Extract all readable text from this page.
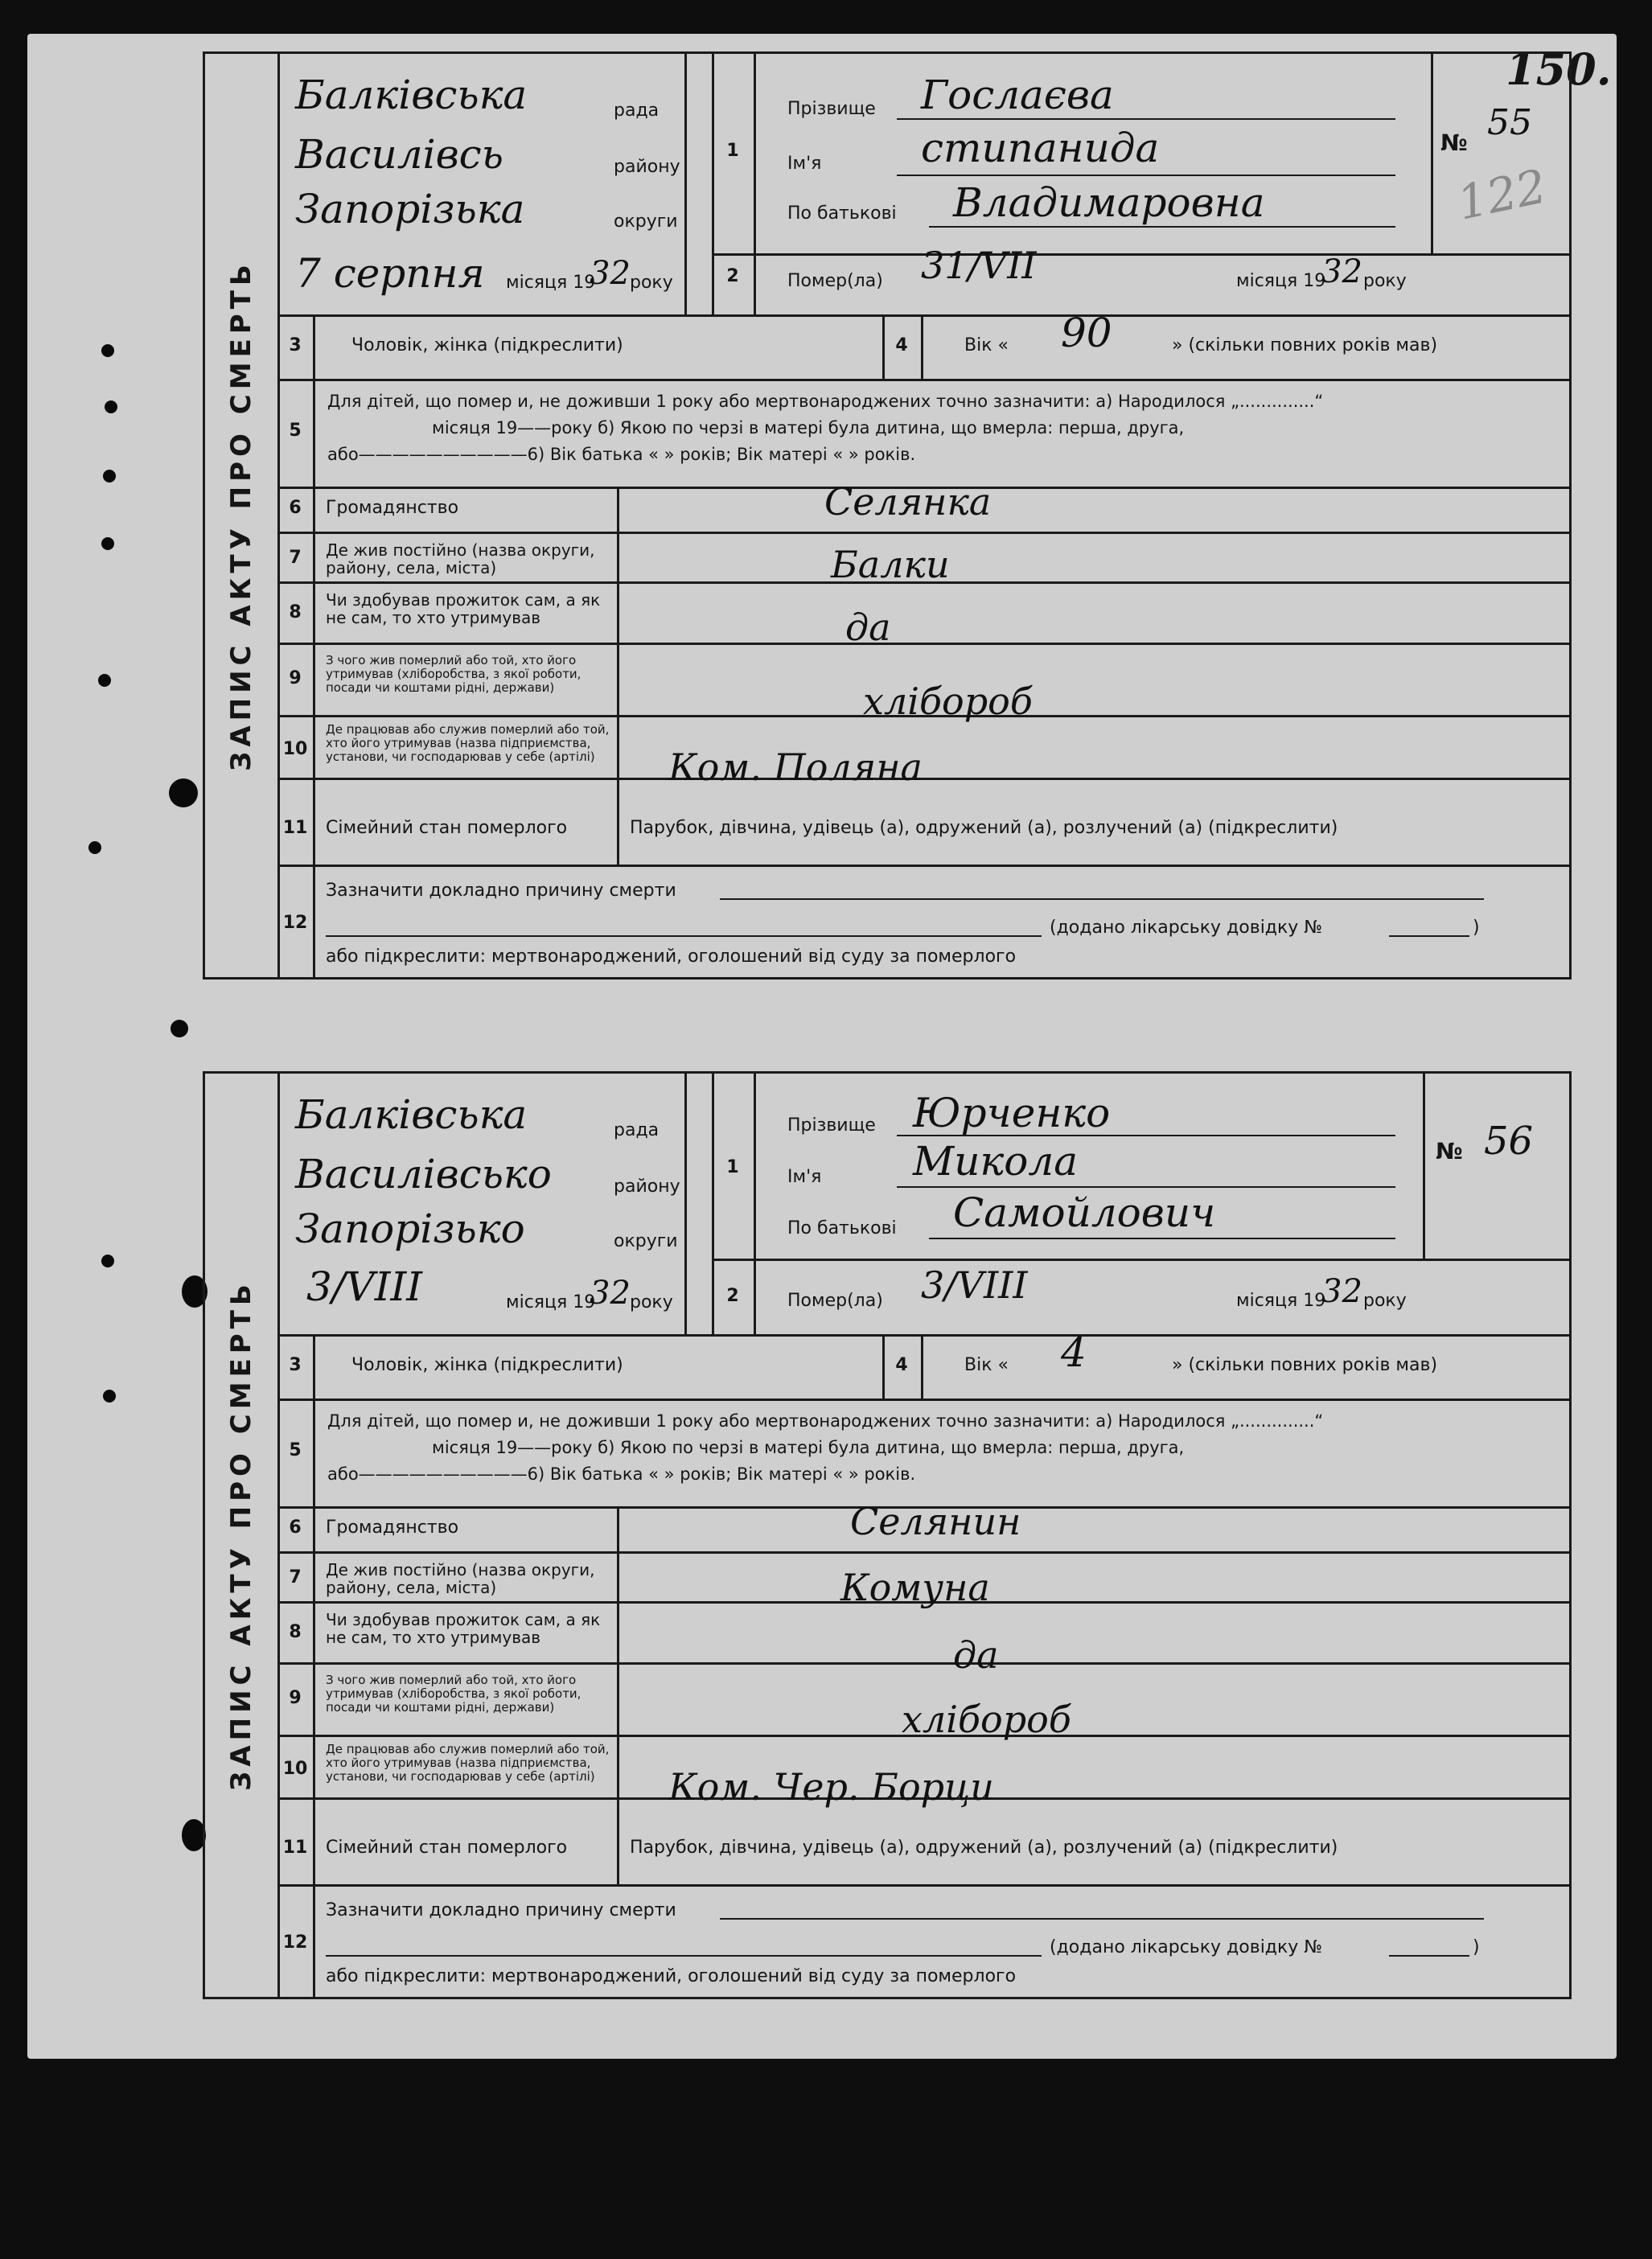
150.
122
ЗАПИС АКТУ ПРО СМЕРТЬ
Балківська	рада
Василівсь	району
Запорізька	округи
7 серпня місяця 19
32 року
1
2
Прізвище Гослаєва
Ім'я стипанида
По батькові Владимаровна
№ 55
Помер(ла) 31/VII	місяця 19
32 року
3	Чоловік, жінка (підкреслити)	4	Вік « 90	» (скільки повних років мав)
5
Для дітей, що помер и, не доживши 1 року або мертвонароджених точно зазначити: а) Народилося „..............“
місяця 19——року б) Якою по черзі в матері була дитина, що вмерла: перша, друга,
або——————————6) Вік батька « » років; Вік матері « » років.
6	Громадянство	Селянка
7	Де жив постійно (назва округи, району, села, міста)	Балки
8
Чи здобував прожиток сам, а як не сам, то хто утримував	да
9
З чого жив померлий або той, хто його утримував (хліборобства, з якої роботи, посади чи коштами рідні, держави)	хлібороб
10
Де працював або служив померлий або той, хто його утримував (назва підприємства, установи, чи господарював у себе (артілі)	Ком. Поляна
11	Сімейний стан померлого	Парубок, дівчина, удівець (а), одружений (а), розлучений (а) (підкреслити)
12
Зазначити докладно причину смерти
(додано лікарську довідку №	)
або підкреслити: мертвонароджений, оголошений від суду за померлого
ЗАПИС АКТУ ПРО СМЕРТЬ
Балківська	рада
Василівсько	району
Запорізько	округи
3/VIII	місяця 19
32 року
1
2
Прізвище Юрченко
Ім'я Микола
По батькові Самойлович
№ 56
Помер(ла) 3/VIII	місяця 19
32 року
3	Чоловік, жінка (підкреслити)	4	Вік « 4	» (скільки повних років мав)
5
Для дітей, що помер и, не доживши 1 року або мертвонароджених точно зазначити: а) Народилося „..............“
місяця 19——року б) Якою по черзі в матері була дитина, що вмерла: перша, друга,
або——————————6) Вік батька « » років; Вік матері « » років.
6	Громадянство	Селянин
7	Де жив постійно (назва округи, району, села, міста)	Комуна
8
Чи здобував прожиток сам, а як не сам, то хто утримував	да
9
З чого жив померлий або той, хто його утримував (хліборобства, з якої роботи, посади чи коштами рідні, держави)	хлібороб
10
Де працював або служив померлий або той, хто його утримував (назва підприємства, установи, чи господарював у себе (артілі)	Ком. Чер. Борци
11	Сімейний стан померлого	Парубок, дівчина, удівець (а), одружений (а), розлучений (а) (підкреслити)
12
Зазначити докладно причину смерти
(додано лікарську довідку №	)
або підкреслити: мертвонароджений, оголошений від суду за померлого
